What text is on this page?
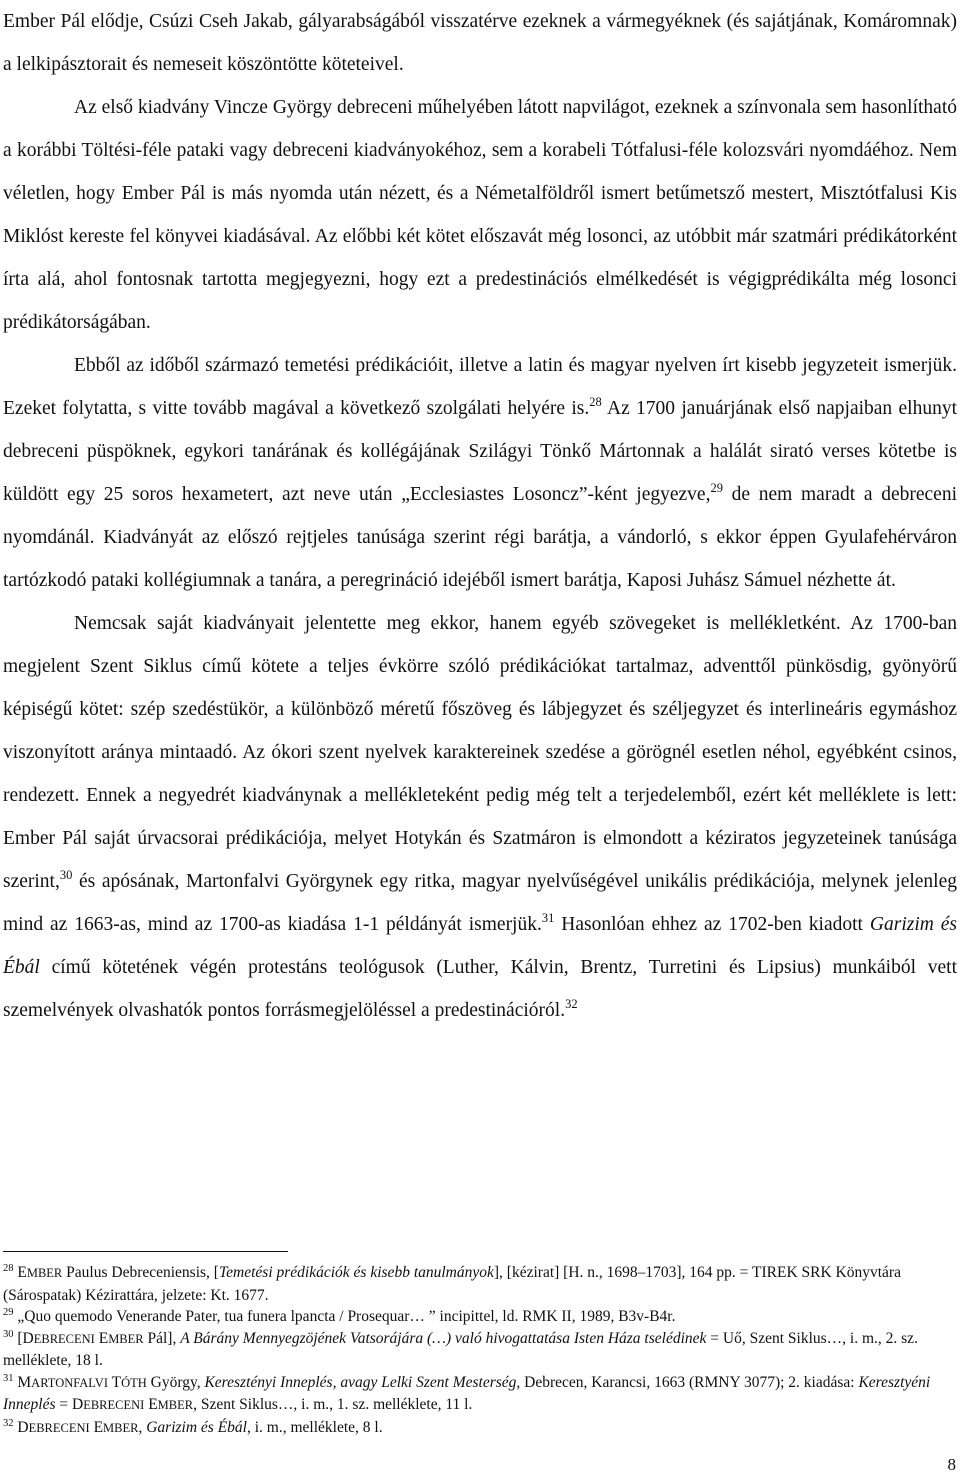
Ember Pál elődje, Csúzi Cseh Jakab, gályarabságából visszatérve ezeknek a vármegyéknek (és sajátjának, Komáromnak) a lelkipásztorait és nemeseit köszöntötte köteteivel.

Az első kiadvány Vincze György debreceni műhelyében látott napvilágot, ezeknek a színvonala sem hasonlítható a korábbi Töltési-féle pataki vagy debreceni kiadványokéhoz, sem a korabeli Tótfalusi-féle kolozsvári nyomdáéhoz. Nem véletlen, hogy Ember Pál is más nyomda után nézett, és a Németalföldről ismert betűmetsző mestert, Misztótfalusi Kis Miklóst kereste fel könyvei kiadásával. Az előbbi két kötet előszavát még losonci, az utóbbit már szatmári prédikátorként írta alá, ahol fontosnak tartotta megjegyezni, hogy ezt a predestinációs elmélkedését is végigprédikálta még losonci prédikátorságában.

Ebből az időből származó temetési prédikációit, illetve a latin és magyar nyelven írt kisebb jegyzeteit ismerjük. Ezeket folytatta, s vitte tovább magával a következő szolgálati helyére is.$^{28}$ Az 1700 januárjának első napjaiban elhunyt debreceni püspöknek, egykori tanárának és kollégájának Szilágyi Tönkő Mártonnak a halálát sirató verses kötetbe is küldött egy 25 soros hexametert, azt neve után „Ecclesiastes Losoncz”-ként jegyezve,$^{29}$ de nem maradt a debreceni nyomdánál. Kiadványát az előszó rejtjeles tanúsága szerint régi barátja, a vándorló, s ekkor éppen Gyulafehérváron tartózkodó pataki kollégiumnak a tanára, a peregrináció idejéből ismert barátja, Kaposi Juhász Sámuel nézhette át.

Nemcsak saját kiadványait jelentette meg ekkor, hanem egyéb szövegeket is mellékletként. Az 1700-ban megjelent Szent Siklus című kötete a teljes évkörre szóló prédikációkat tartalmaz, adventtől pünkösdig, gyönyörű képiségű kötet: szép szedéstükör, a különböző méretű főszöveg és lábjegyzet és széljegyzet és interlineáris egymáshoz viszonyított aránya mintaadó. Az ókori szent nyelvek karaktereinek szedése a görögnél esetlen néhol, egyébként csinos, rendezett. Ennek a negyedrét kiadványnak a mellékleteként pedig még telt a terjedelemből, ezért két melléklete is lett: Ember Pál saját úrvacsorai prédikációja, melyet Hotykán és Szatmáron is elmondott a kéziratos jegyzeteinek tanúsága szerint,$^{30}$ és apósának, Martonfalvi Györgynek egy ritka, magyar nyelvűségével unikális prédikációja, melynek jelenleg mind az 1663-as, mind az 1700-as kiadása 1-1 példányát ismerjük.$^{31}$ Hasonlóan ehhez az 1702-ben kiadott Garizim és Ébál című kötetének végén protestáns teológusok (Luther, Kálvin, Brentz, Turretini és Lipsius) munkáiból vett szemelvények olvashatók pontos forrásmegjelöléssel a predestinációról.$^{32}$

$^{28}$ EMBER Paulus Debreceniensis, [Temetési prédikációk és kisebb tanulmányok], [kézirat] [H. n., 1698–1703], 164 pp. = TIREK SRK Könyvtára (Sárospatak) Kézirattára, jelzete: Kt. 1677.

$^{29}$ „Quo quemodo Venerande Pater, tua funera lpancta / Prosequar… ” incipittel, ld. RMK II, 1989, B3v-B4r.

$^{30}$ [DEBRECENI EMBER Pál], A Bárány Mennyegzöjének Vatsorájára (…) való hivogattatása Isten Háza tselédinek = Uő, Szent Siklus…, i. m., 2. sz. melléklete, 18 l.

$^{31}$ MARTONFALVI TÓTH György, Keresztényi Inneplés, avagy Lelki Szent Mesterség, Debrecen, Karancsi, 1663 (RMNY 3077); 2. kiadása: Keresztyéni Inneplés = DEBRECENI EMBER, Szent Siklus…, i. m., 1. sz. melléklete, 11 l.

$^{32}$ DEBRECENI EMBER, Garizim és Ébál, i. m., melléklete, 8 l.

8
